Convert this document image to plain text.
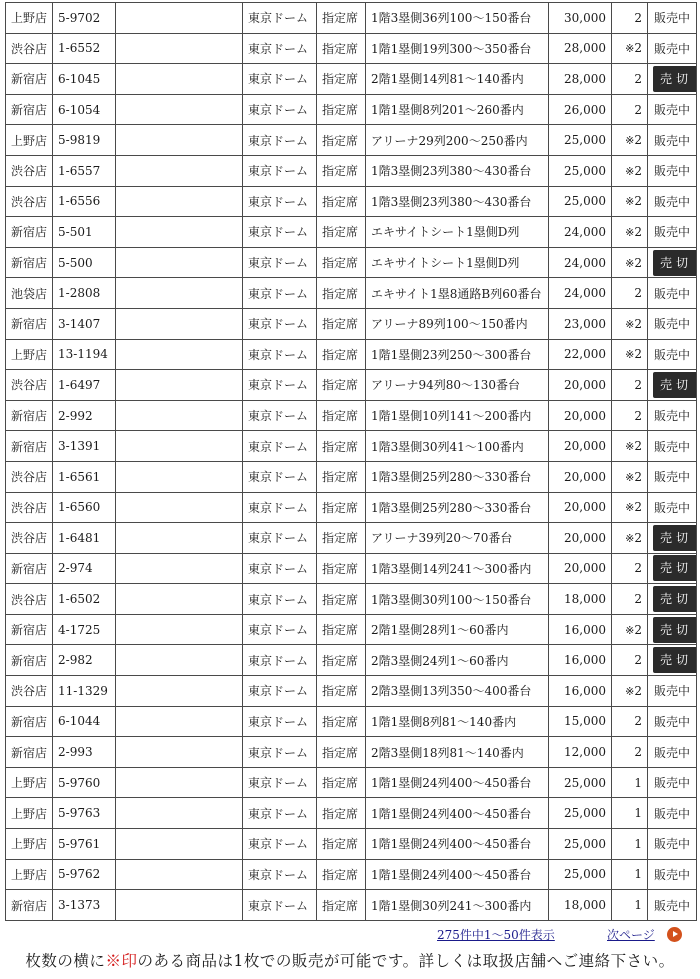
上野店	5-9702		東京ドーム	指定席	1階3塁側36列100〜150番台	30,000	2	販売中
渋谷店	1-6552		東京ドーム	指定席	1階1塁側19列300〜350番台	28,000	※2	販売中
新宿店	6-1045		東京ドーム	指定席	2階1塁側14列81〜140番内	28,000	2	売切
新宿店	6-1054		東京ドーム	指定席	1階1塁側8列201〜260番内	26,000	2	販売中
上野店	5-9819		東京ドーム	指定席	アリーナ29列200〜250番内	25,000	※2	販売中
渋谷店	1-6557		東京ドーム	指定席	1階3塁側23列380〜430番台	25,000	※2	販売中
渋谷店	1-6556		東京ドーム	指定席	1階3塁側23列380〜430番台	25,000	※2	販売中
新宿店	5-501		東京ドーム	指定席	エキサイトシート1塁側D列	24,000	※2	販売中
新宿店	5-500		東京ドーム	指定席	エキサイトシート1塁側D列	24,000	※2	売切
池袋店	1-2808		東京ドーム	指定席	エキサイト1塁8通路B列60番台	24,000	2	販売中
新宿店	3-1407		東京ドーム	指定席	アリーナ89列100〜150番内	23,000	※2	販売中
上野店	13-1194		東京ドーム	指定席	1階1塁側23列250〜300番台	22,000	※2	販売中
渋谷店	1-6497		東京ドーム	指定席	アリーナ94列80〜130番台	20,000	2	売切
新宿店	2-992		東京ドーム	指定席	1階1塁側10列141〜200番内	20,000	2	販売中
新宿店	3-1391		東京ドーム	指定席	1階3塁側30列41〜100番内	20,000	※2	販売中
渋谷店	1-6561		東京ドーム	指定席	1階3塁側25列280〜330番台	20,000	※2	販売中
渋谷店	1-6560		東京ドーム	指定席	1階3塁側25列280〜330番台	20,000	※2	販売中
渋谷店	1-6481		東京ドーム	指定席	アリーナ39列20〜70番台	20,000	※2	売切
新宿店	2-974		東京ドーム	指定席	1階3塁側14列241〜300番内	20,000	2	売切
渋谷店	1-6502		東京ドーム	指定席	1階3塁側30列100〜150番台	18,000	2	売切
新宿店	4-1725		東京ドーム	指定席	2階1塁側28列1〜60番内	16,000	※2	売切
新宿店	2-982		東京ドーム	指定席	2階3塁側24列1〜60番内	16,000	2	売切
渋谷店	11-1329		東京ドーム	指定席	2階3塁側13列350〜400番台	16,000	※2	販売中
新宿店	6-1044		東京ドーム	指定席	1階1塁側8列81〜140番内	15,000	2	販売中
新宿店	2-993		東京ドーム	指定席	2階3塁側18列81〜140番内	12,000	2	販売中
上野店	5-9760		東京ドーム	指定席	1階1塁側24列400〜450番台	25,000	1	販売中
上野店	5-9763		東京ドーム	指定席	1階1塁側24列400〜450番台	25,000	1	販売中
上野店	5-9761		東京ドーム	指定席	1階1塁側24列400〜450番台	25,000	1	販売中
上野店	5-9762		東京ドーム	指定席	1階1塁側24列400〜450番台	25,000	1	販売中
新宿店	3-1373		東京ドーム	指定席	1階1塁側30列241〜300番内	18,000	1	販売中
275件中1〜50件表示	次ページ
枚数の横に※印のある商品は1枚での販売が可能です。詳しくは取扱店舗へご連絡下さい。
